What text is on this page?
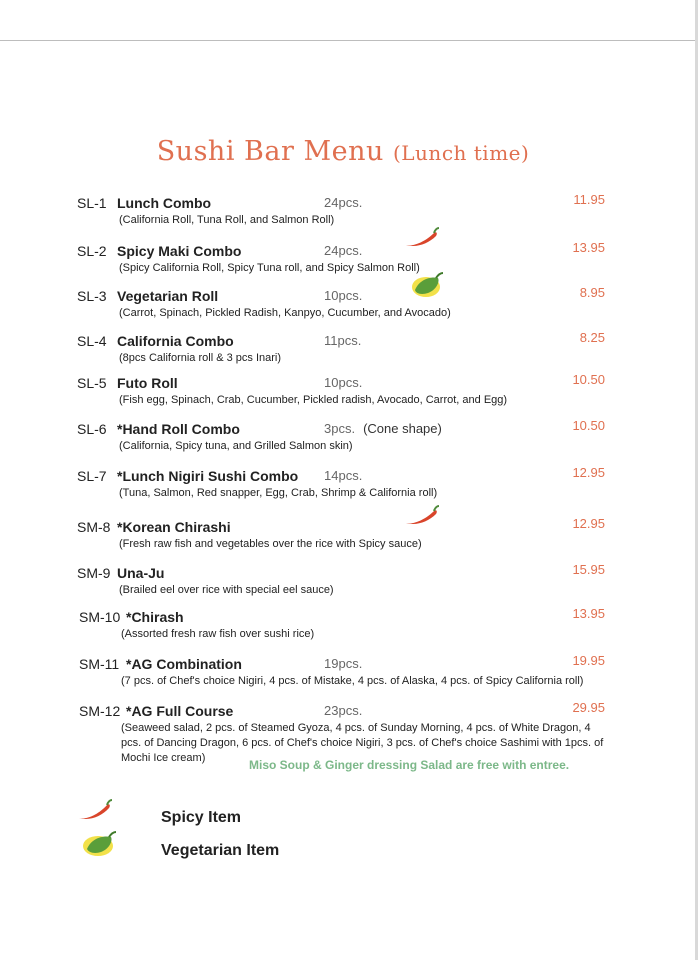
Sushi Bar Menu (Lunch time)
SL-1 Lunch Combo	24pcs.	11.95
(California Roll, Tuna Roll, and Salmon Roll)
SL-2 Spicy Maki Combo	24pcs.	13.95
(Spicy California Roll, Spicy Tuna roll, and Spicy Salmon Roll)
SL-3 Vegetarian Roll	10pcs.	8.95
(Carrot, Spinach, Pickled Radish, Kanpyo, Cucumber, and Avocado)
SL-4 California Combo	11pcs.	8.25
(8pcs California roll & 3 pcs Inari)
SL-5 Futo Roll	10pcs.	10.50
(Fish egg, Spinach, Crab, Cucumber, Pickled radish, Avocado, Carrot, and Egg)
SL-6 *Hand Roll Combo	3pcs. (Cone shape)	10.50
(California, Spicy tuna, and Grilled Salmon skin)
SL-7 *Lunch Nigiri Sushi Combo 14pcs.	12.95
(Tuna, Salmon, Red snapper, Egg, Crab, Shrimp & California roll)
SM-8 *Korean Chirashi	12.95
(Fresh raw fish and vegetables over the rice with Spicy sauce)
SM-9 Una-Ju	15.95
(Brailed eel over rice with special eel sauce)
SM-10 *Chirash	13.95
(Assorted fresh raw fish over sushi rice)
SM-11 *AG Combination	19pcs.	19.95
(7 pcs. of Chef's choice Nigiri, 4 pcs. of Mistake, 4 pcs. of Alaska, 4 pcs. of Spicy California roll)
SM-12 *AG Full Course	23pcs.	29.95
(Seaweed salad, 2 pcs. of Steamed Gyoza, 4 pcs. of Sunday Morning, 4 pcs. of White Dragon, 4 pcs. of Dancing Dragon, 6 pcs. of Chef's choice Nigiri, 3 pcs. of Chef's choice Sashimi with 1pcs. of Mochi Ice cream)	Miso Soup & Ginger dressing Salad are free with entree.
Spicy Item
Vegetarian Item
